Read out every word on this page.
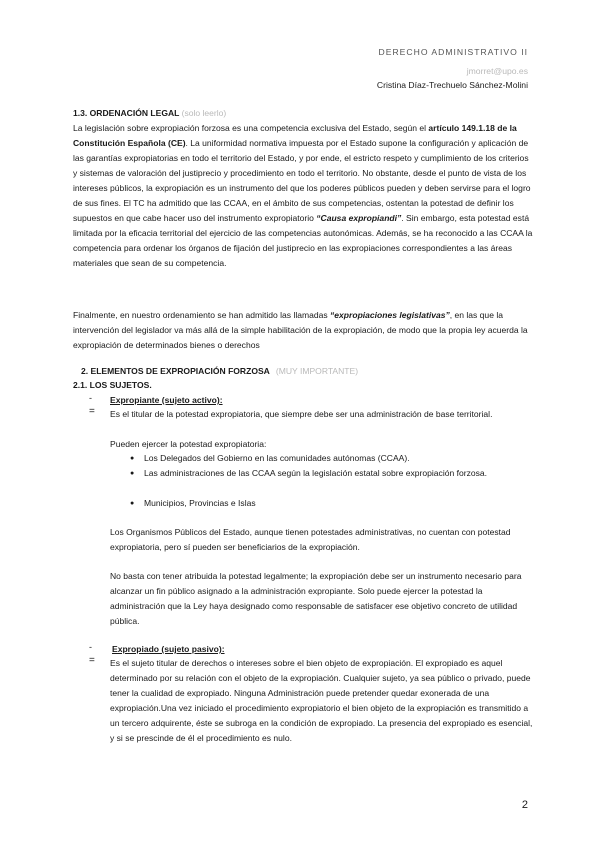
DERECHO ADMINISTRATIVO II
jmorret@upo.es
Cristina Díaz-Trechuelo Sánchez-Molini
1.3. ORDENACIÓN LEGAL (solo leerlo)
La legislación sobre expropiación forzosa es una competencia exclusiva del Estado, según el artículo 149.1.18 de la Constitución Española (CE). La uniformidad normativa impuesta por el Estado supone la configuración y aplicación de las garantías expropiatorias en todo el territorio del Estado, y por ende, el estricto respeto y cumplimiento de los criterios y sistemas de valoración del justiprecio y procedimiento en todo el territorio. No obstante, desde el punto de vista de los intereses públicos, la expropiación es un instrumento del que los poderes públicos pueden y deben servirse para el logro de sus fines. El TC ha admitido que las CCAA, en el ámbito de sus competencias, ostentan la potestad de definir los supuestos en que cabe hacer uso del instrumento expropiatorio “Causa expropiandi”. Sin embargo, esta potestad está limitada por la eficacia territorial del ejercicio de las competencias autonómicas. Además, se ha reconocido a las CCAA la competencia para ordenar los órganos de fijación del justiprecio en las expropiaciones correspondientes a las áreas materiales que sean de su competencia.
Finalmente, en nuestro ordenamiento se han admitido las llamadas “expropiaciones legislativas”, en las que la intervención del legislador va más allá de la simple habilitación de la expropiación, de modo que la propia ley acuerda la expropiación de determinados bienes o derechos
2. ELEMENTOS DE EXPROPIACIÓN FORZOSA (MUY IMPORTANTE)
2.1. LOS SUJETOS.
- Expropiante (sujeto activo):
= Es el titular de la potestad expropiatoria, que siempre debe ser una administración de base territorial.
Pueden ejercer la potestad expropiatoria:
● Los Delegados del Gobierno en las comunidades autónomas (CCAA).
● Las administraciones de las CCAA según la legislación estatal sobre expropiación forzosa.
● Municipios, Provincias e Islas
Los Organismos Públicos del Estado, aunque tienen potestades administrativas, no cuentan con potestad expropiatoria, pero sí pueden ser beneficiarios de la expropiación.
No basta con tener atribuida la potestad legalmente; la expropiación debe ser un instrumento necesario para alcanzar un fin público asignado a la administración expropiante. Solo puede ejercer la potestad la administración que la Ley haya designado como responsable de satisfacer ese objetivo concreto de utilidad pública.
- Expropiado (sujeto pasivo):
= Es el sujeto titular de derechos o intereses sobre el bien objeto de expropiación. El expropiado es aquel determinado por su relación con el objeto de la expropiación. Cualquier sujeto, ya sea público o privado, puede tener la cualidad de expropiado. Ninguna Administración puede pretender quedar exonerada de una expropiación.Una vez iniciado el procedimiento expropiatorio el bien objeto de la expropiación es transmitido a un tercero adquirente, éste se subroga en la condición de expropiado. La presencia del expropiado es esencial, y si se prescinde de él el procedimiento es nulo.
2
